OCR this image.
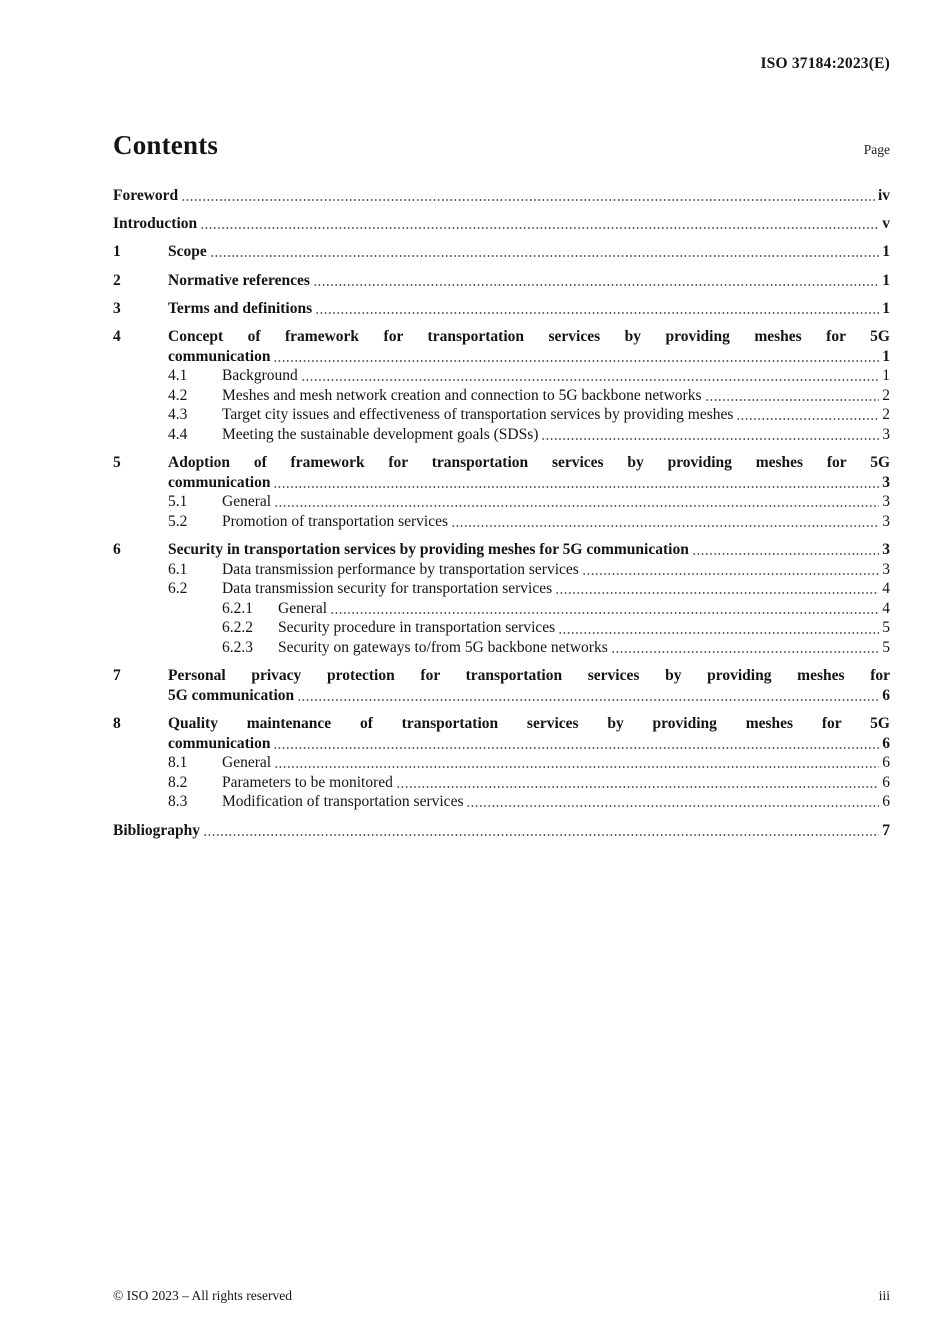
ISO 37184:2023(E)
Contents	Page
Foreword	iv
Introduction	v
1	Scope	1
2	Normative references	1
3	Terms and definitions	1
4	Concept of framework for transportation services by providing meshes for 5G
communication	1
4.1	Background	1
4.2	Meshes and mesh network creation and connection to 5G backbone networks	2
4.3	Target city issues and effectiveness of transportation services by providing meshes	2
4.4	Meeting the sustainable development goals (SDSs)	3
5	Adoption of framework for transportation services by providing meshes for 5G
communication	3
5.1	General	3
5.2	Promotion of transportation services	3
6	Security in transportation services by providing meshes for 5G communication	3
6.1	Data transmission performance by transportation services	3
6.2	Data transmission security for transportation services	4
6.2.1	General	4
6.2.2	Security procedure in transportation services	5
6.2.3	Security on gateways to/from 5G backbone networks	5
7	Personal privacy protection for transportation services by providing meshes for
5G communication	6
8	Quality maintenance of transportation services by providing meshes for 5G
communication	6
8.1	General	6
8.2	Parameters to be monitored	6
8.3	Modification of transportation services	6
Bibliography	7
© ISO 2023 – All rights reserved	iii
